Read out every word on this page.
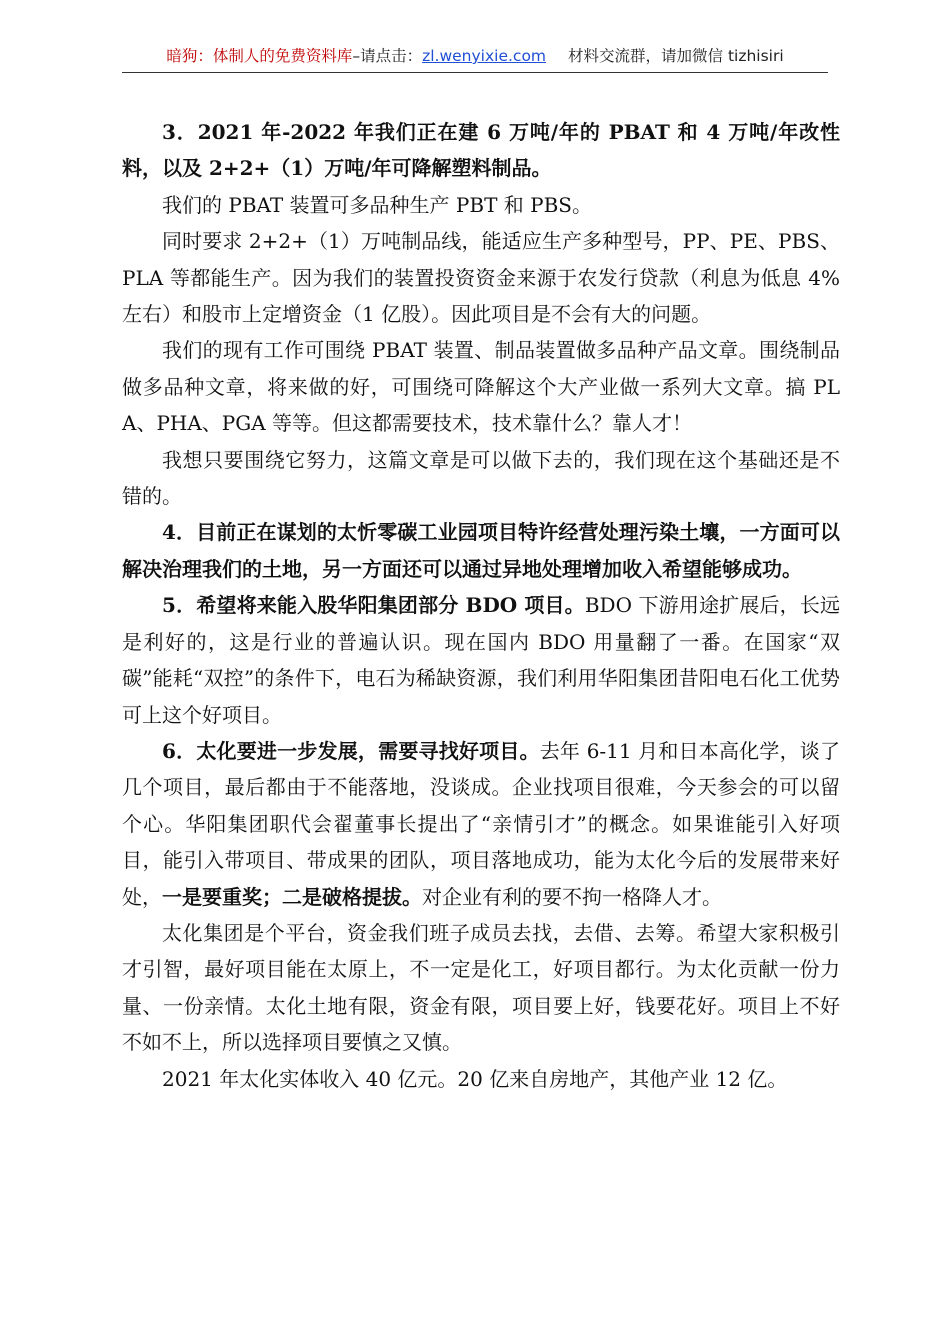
暗狗：体制人的免费资料库–请点击：zl.wenyixie.com 材料交流群，请加微信 tizhisiri

3．2021 年-2022 年我们正在建 6 万吨/年的 PBAT 和 4 万吨/年改性料，以及 2+2+（1）万吨/年可降解塑料制品。

我们的 PBAT 装置可多品种生产 PBT 和 PBS。

同时要求 2+2+（1）万吨制品线，能适应生产多种型号，PP、PE、PBS、PLA 等都能生产。因为我们的装置投资资金来源于农发行贷款（利息为低息 4%左右）和股市上定增资金（1 亿股）。因此项目是不会有大的问题。

我们的现有工作可围绕 PBAT 装置、制品装置做多品种产品文章。围绕制品做多品种文章，将来做的好，可围绕可降解这个大产业做一系列大文章。搞 PLA、PHA、PGA 等等。但这都需要技术，技术靠什么？靠人才！

我想只要围绕它努力，这篇文章是可以做下去的，我们现在这个基础还是不错的。

4．目前正在谋划的太忻零碳工业园项目特许经营处理污染土壤，一方面可以解决治理我们的土地，另一方面还可以通过异地处理增加收入希望能够成功。

5．希望将来能入股华阳集团部分 BDO 项目。BDO 下游用途扩展后，长远是利好的，这是行业的普遍认识。现在国内 BDO 用量翻了一番。在国家“双碳”能耗“双控”的条件下，电石为稀缺资源，我们利用华阳集团昔阳电石化工优势可上这个好项目。

6．太化要进一步发展，需要寻找好项目。去年 6-11 月和日本高化学，谈了几个项目，最后都由于不能落地，没谈成。企业找项目很难，今天参会的可以留个心。华阳集团职代会翟董事长提出了“亲情引才”的概念。如果谁能引入好项目，能引入带项目、带成果的团队，项目落地成功，能为太化今后的发展带来好处，一是要重奖；二是破格提拔。对企业有利的要不拘一格降人才。

太化集团是个平台，资金我们班子成员去找，去借、去筹。希望大家积极引才引智，最好项目能在太原上，不一定是化工，好项目都行。为太化贡献一份力量、一份亲情。太化土地有限，资金有限，项目要上好，钱要花好。项目上不好不如不上，所以选择项目要慎之又慎。

2021 年太化实体收入 40 亿元。20 亿来自房地产，其他产业 12 亿。
